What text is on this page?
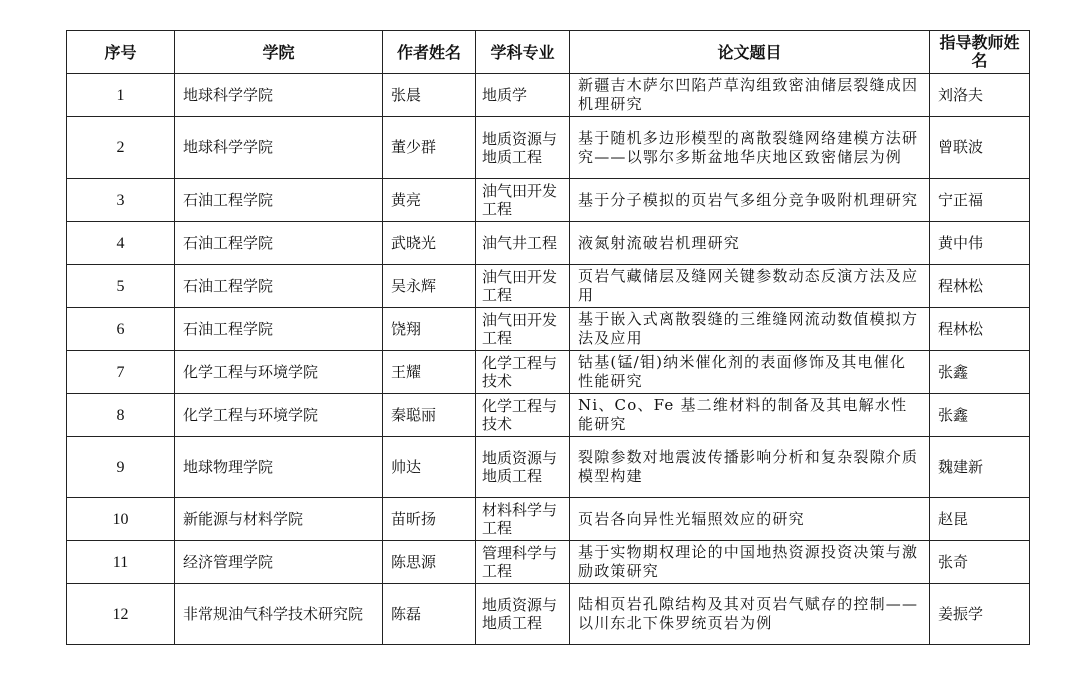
序号	学院	作者姓名	学科专业	论文题目	指导教师姓名
1	地球科学学院	张晨	地质学	新疆吉木萨尔凹陷芦草沟组致密油储层裂缝成因机理研究	刘洛夫
2	地球科学学院	董少群	地质资源与地质工程	基于随机多边形模型的离散裂缝网络建模方法研究——以鄂尔多斯盆地华庆地区致密储层为例	曾联波
3	石油工程学院	黄亮	油气田开发工程	基于分子模拟的页岩气多组分竞争吸附机理研究	宁正福
4	石油工程学院	武晓光	油气井工程	液氮射流破岩机理研究	黄中伟
5	石油工程学院	吴永辉	油气田开发工程	页岩气藏储层及缝网关键参数动态反演方法及应用	程林松
6	石油工程学院	饶翔	油气田开发工程	基于嵌入式离散裂缝的三维缝网流动数值模拟方法及应用	程林松
7	化学工程与环境学院	王耀	化学工程与技术	钴基(锰/钼)纳米催化剂的表面修饰及其电催化性能研究	张鑫
8	化学工程与环境学院	秦聪丽	化学工程与技术	Ni、Co、Fe 基二维材料的制备及其电解水性能研究	张鑫
9	地球物理学院	帅达	地质资源与地质工程	裂隙参数对地震波传播影响分析和复杂裂隙介质模型构建	魏建新
10	新能源与材料学院	苗昕扬	材料科学与工程	页岩各向异性光辐照效应的研究	赵昆
11	经济管理学院	陈思源	管理科学与工程	基于实物期权理论的中国地热资源投资决策与激励政策研究	张奇
12	非常规油气科学技术研究院	陈磊	地质资源与地质工程	陆相页岩孔隙结构及其对页岩气赋存的控制——以川东北下侏罗统页岩为例	姜振学
